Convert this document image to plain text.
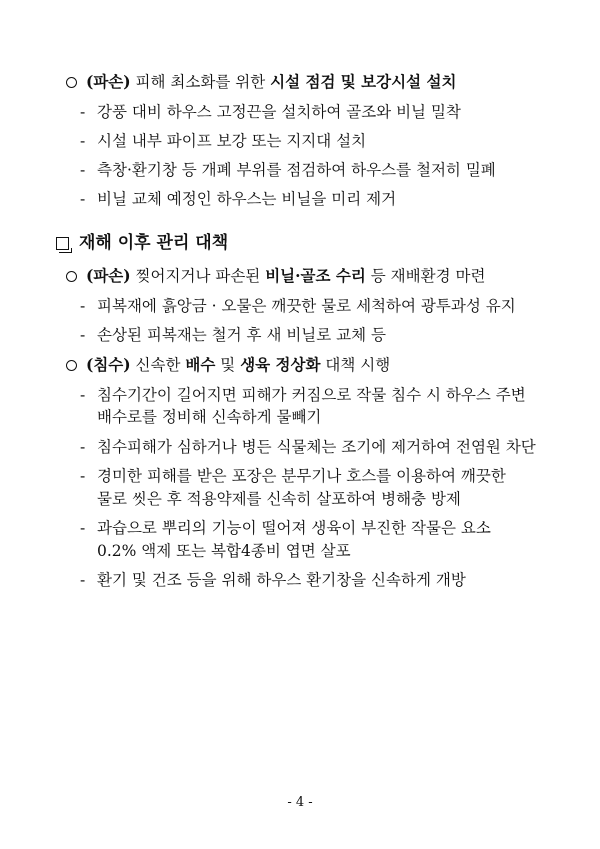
(파손) 피해 최소화를 위한 시설 점검 및 보강시설 설치
- 강풍 대비 하우스 고정끈을 설치하여 골조와 비닐 밀착
- 시설 내부 파이프 보강 또는 지지대 설치
- 측창·환기창 등 개폐 부위를 점검하여 하우스를 철저히 밀폐
- 비닐 교체 예정인 하우스는 비닐을 미리 제거
재해 이후 관리 대책
(파손) 찢어지거나 파손된 비닐·골조 수리 등 재배환경 마련
- 피복재에 흙앙금 · 오물은 깨끗한 물로 세척하여 광투과성 유지
- 손상된 피복재는 철거 후 새 비닐로 교체 등
(침수) 신속한 배수 및 생육 정상화 대책 시행
- 침수기간이 길어지면 피해가 커짐으로 작물 침수 시 하우스 주변
배수로를 정비해 신속하게 물빼기
- 침수피해가 심하거나 병든 식물체는 조기에 제거하여 전염원 차단
- 경미한 피해를 받은 포장은 분무기나 호스를 이용하여 깨끗한
물로 씻은 후 적용약제를 신속히 살포하여 병해충 방제
- 과습으로 뿌리의 기능이 떨어져 생육이 부진한 작물은 요소
0.2% 액제 또는 복합4종비 엽면 살포
- 환기 및 건조 등을 위해 하우스 환기창을 신속하게 개방
- 4 -
